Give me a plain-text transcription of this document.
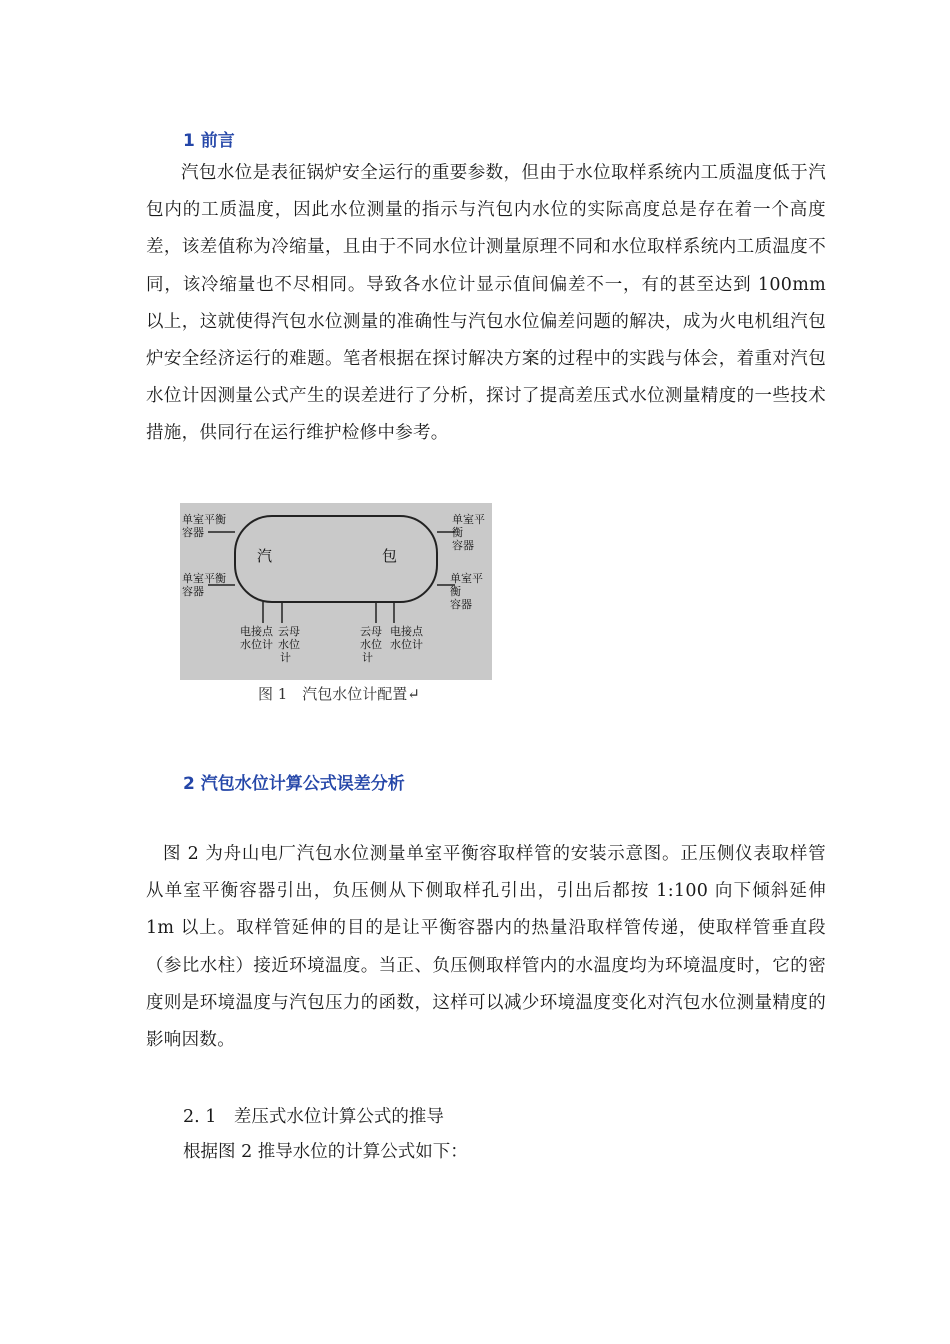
1 前言

汽包水位是表征锅炉安全运行的重要参数，但由于水位取样系统内工质温度低于汽包内的工质温度，因此水位测量的指示与汽包内水位的实际高度总是存在着一个高度差，该差值称为冷缩量，且由于不同水位计测量原理不同和水位取样系统内工质温度不同，该冷缩量也不尽相同。导致各水位计显示值间偏差不一，有的甚至达到 100mm 以上，这就使得汽包水位测量的准确性与汽包水位偏差问题的解决，成为火电机组汽包炉安全经济运行的难题。笔者根据在探讨解决方案的过程中的实践与体会，着重对汽包水位计因测量公式产生的误差进行了分析，探讨了提高差压式水位测量精度的一些技术措施，供同行在运行维护检修中参考。

单室平衡
容器
单室平衡
容器
单室平衡
容器
单室平衡
容器
汽	包
电接点
水位计
云母
水位
计
云母
水位
计
电接点
水位计
图 1　汽包水位计配置↵
2 汽包水位计算公式误差分析

图 2 为舟山电厂汽包水位测量单室平衡容取样管的安装示意图。正压侧仪表取样管从单室平衡容器引出，负压侧从下侧取样孔引出，引出后都按 1:100 向下倾斜延伸 1m 以上。取样管延伸的目的是让平衡容器内的热量沿取样管传递，使取样管垂直段（参比水柱）接近环境温度。当正、负压侧取样管内的水温度均为环境温度时，它的密度则是环境温度与汽包压力的函数，这样可以减少环境温度变化对汽包水位测量精度的影响因数。

2. 1　差压式水位计算公式的推导
根据图 2 推导水位的计算公式如下：
